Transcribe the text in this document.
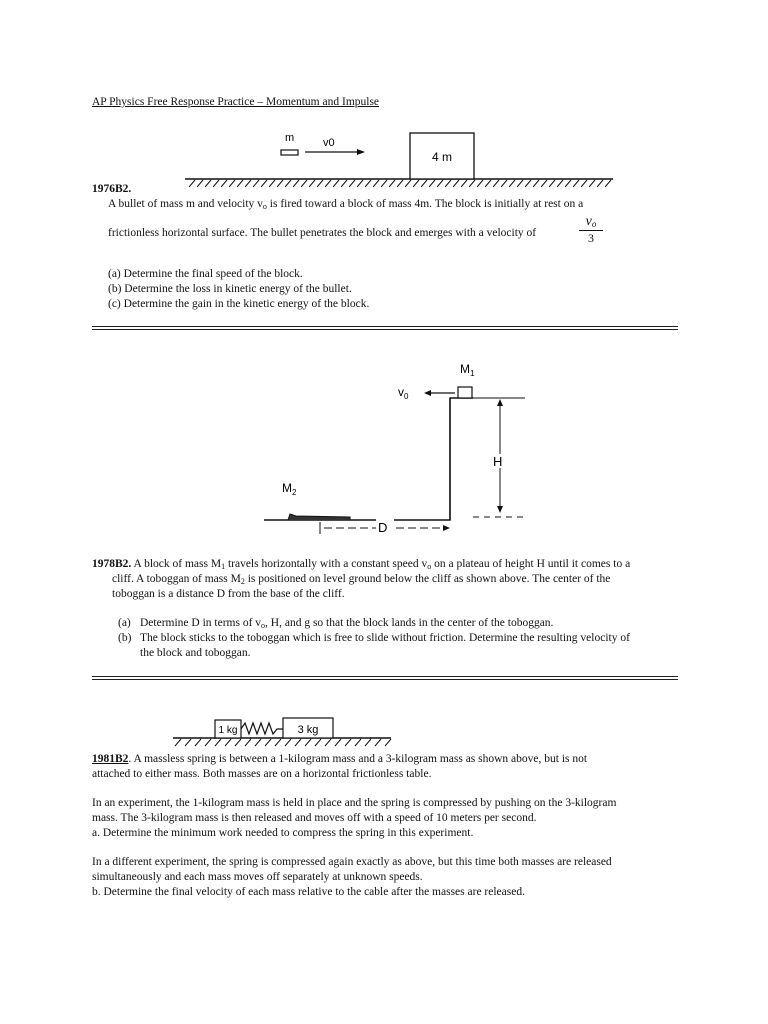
AP Physics Free Response Practice – Momentum and Impulse
4 m
m	v0
1976B2.
A bullet of mass m and velocity $v_o$ is fired toward a block of mass 4m. The block is initially at rest on a
frictionless horizontal surface. The bullet penetrates the block and emerges with a velocity of
$v_o$
3
(a) Determine the final speed of the block.
(b) Determine the loss in kinetic energy of the bullet.
(c) Determine the gain in the kinetic energy of the block.
$M_1$
$v_0$
H
$M_2$
D
1978B2. A block of mass $M_1$ travels horizontally with a constant speed $v_o$ on a plateau of height H until it comes to a
cliff. A toboggan of mass $M_2$ is positioned on level ground below the cliff as shown above. The center of the
toboggan is a distance D from the base of the cliff.
(a) Determine D in terms of $v_o$, H, and g so that the block lands in the center of the toboggan.
(b) The block sticks to the toboggan which is free to slide without friction. Determine the resulting velocity of
the block and toboggan.
1 kg	3 kg
1981B2. A massless spring is between a 1-kilogram mass and a 3-kilogram mass as shown above, but is not
attached to either mass. Both masses are on a horizontal frictionless table.
In an experiment, the 1-kilogram mass is held in place and the spring is compressed by pushing on the 3-kilogram
mass. The 3-kilogram mass is then released and moves off with a speed of 10 meters per second.
a. Determine the minimum work needed to compress the spring in this experiment.
In a different experiment, the spring is compressed again exactly as above, but this time both masses are released
simultaneously and each mass moves off separately at unknown speeds.
b. Determine the final velocity of each mass relative to the cable after the masses are released.
